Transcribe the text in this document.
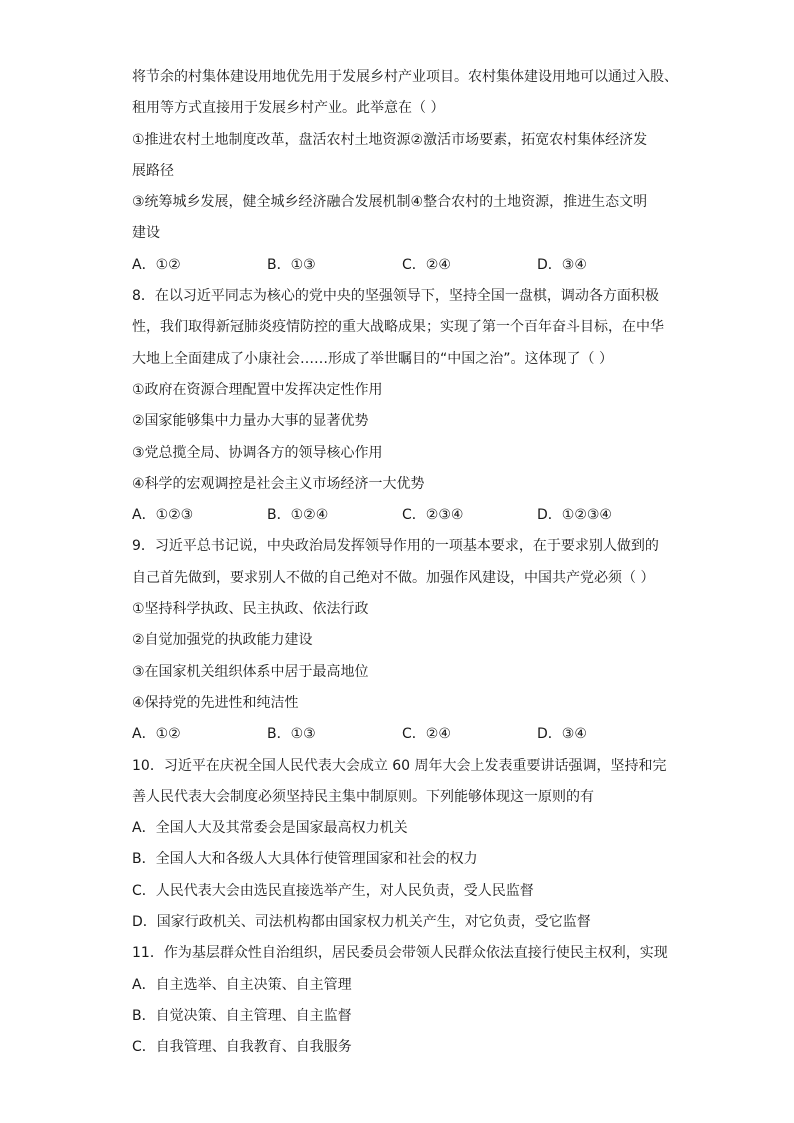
将节余的村集体建设用地优先用于发展乡村产业项目。农村集体建设用地可以通过入股、
租用等方式直接用于发展乡村产业。此举意在（ ）
①推进农村土地制度改革，盘活农村土地资源②激活市场要素，拓宽农村集体经济发
展路径
③统筹城乡发展，健全城乡经济融合发展机制④整合农村的土地资源，推进生态文明
建设
A．①②	B．①③	C．②④	D．③④
8．在以习近平同志为核心的党中央的坚强领导下，坚持全国一盘棋，调动各方面积极
性，我们取得新冠肺炎疫情防控的重大战略成果；实现了第一个百年奋斗目标，在中华
大地上全面建成了小康社会……形成了举世瞩目的“中国之治”。这体现了（ ）
①政府在资源合理配置中发挥决定性作用
②国家能够集中力量办大事的显著优势
③党总揽全局、协调各方的领导核心作用
④科学的宏观调控是社会主义市场经济一大优势
A．①②③	B．①②④	C．②③④	D．①②③④
9．习近平总书记说，中央政治局发挥领导作用的一项基本要求，在于要求别人做到的
自己首先做到，要求别人不做的自己绝对不做。加强作风建设，中国共产党必须（ ）
①坚持科学执政、民主执政、依法行政
②自觉加强党的执政能力建设
③在国家机关组织体系中居于最高地位
④保持党的先进性和纯洁性
A．①②	B．①③	C．②④	D．③④
10．习近平在庆祝全国人民代表大会成立 60 周年大会上发表重要讲话强调，坚持和完
善人民代表大会制度必须坚持民主集中制原则。下列能够体现这一原则的有
A．全国人大及其常委会是国家最高权力机关
B．全国人大和各级人大具体行使管理国家和社会的权力
C．人民代表大会由选民直接选举产生，对人民负责，受人民监督
D．国家行政机关、司法机构都由国家权力机关产生，对它负责，受它监督
11．作为基层群众性自治组织，居民委员会带领人民群众依法直接行使民主权利，实现
A．自主选举、自主决策、自主管理
B．自觉决策、自主管理、自主监督
C．自我管理、自我教育、自我服务
